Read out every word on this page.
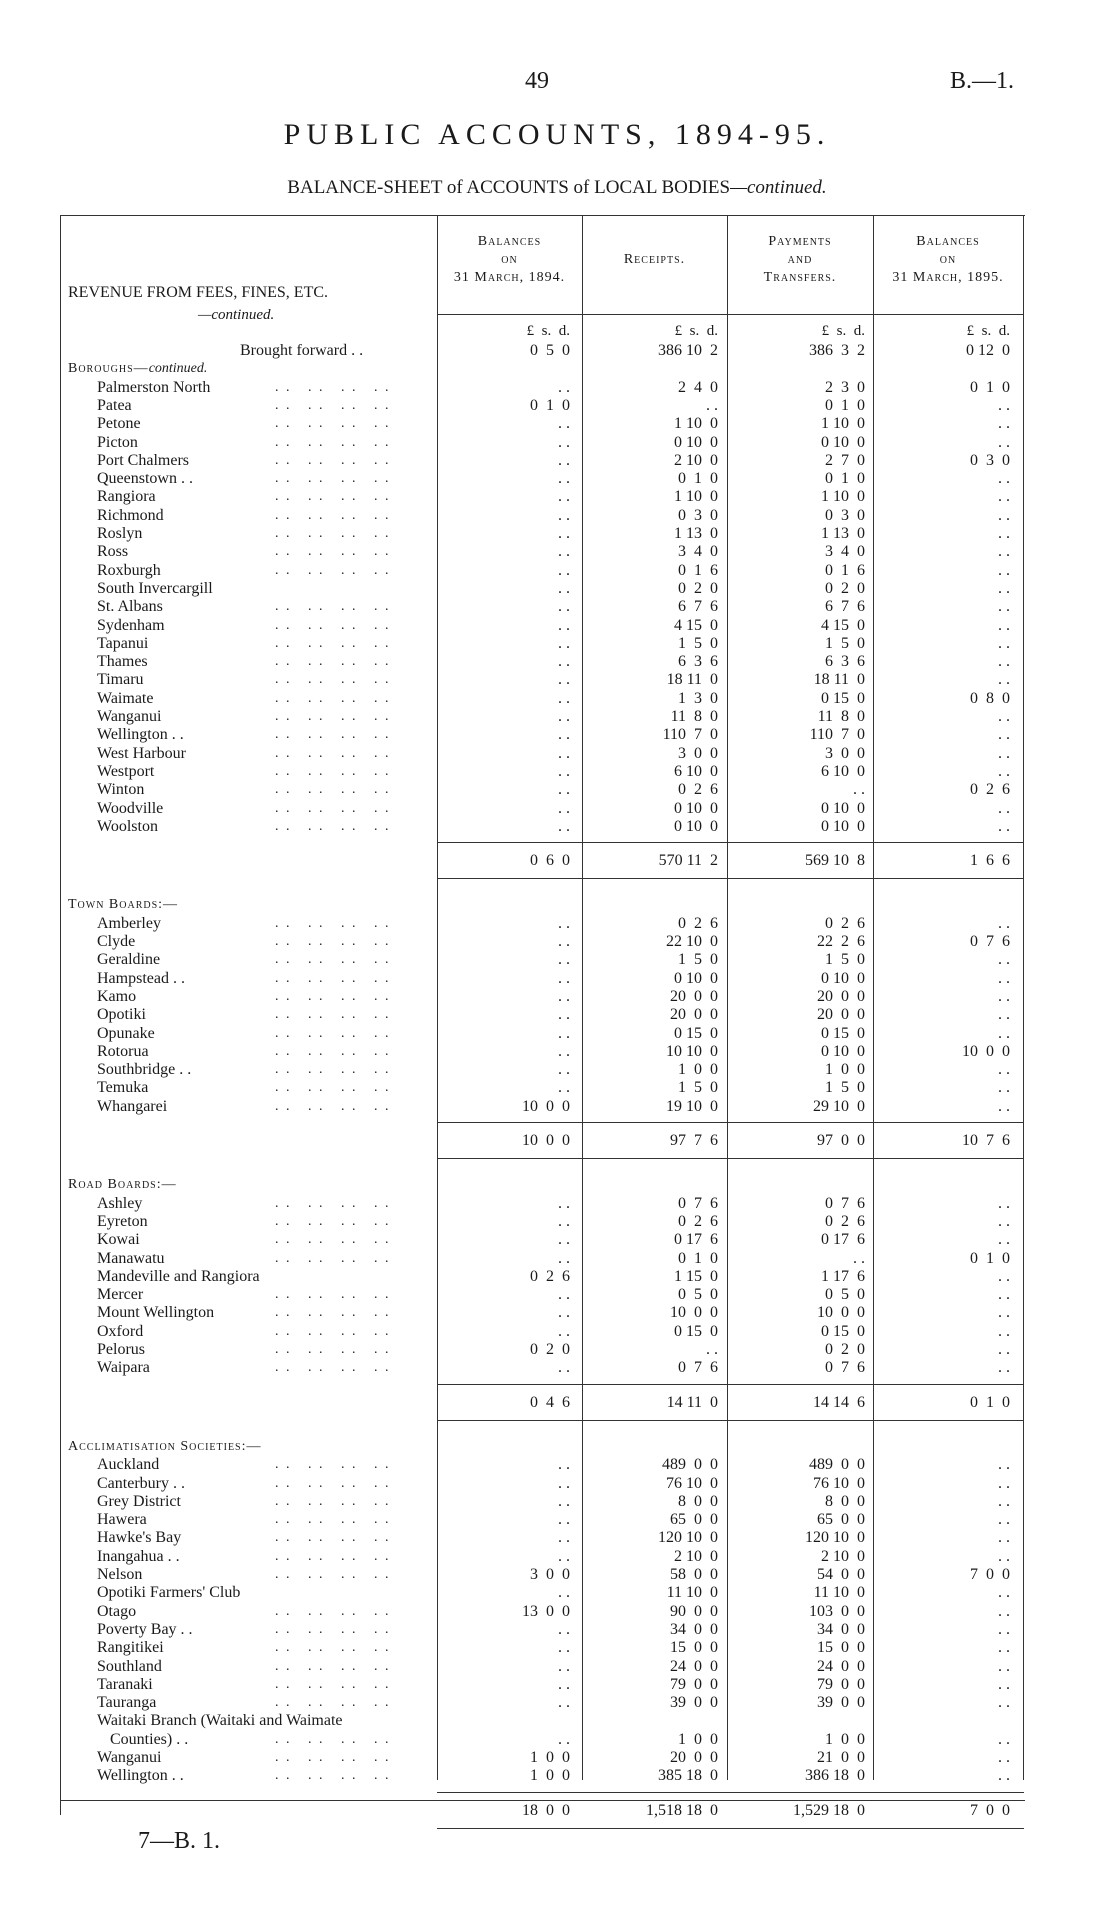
49	B.—1.
PUBLIC ACCOUNTS, 1894-95.
BALANCE-SHEET of ACCOUNTS of LOCAL BODIES—continued.
Balances
on
31 March, 1894.
Receipts.
Payments
and
Transfers.
Balances
on
31 March, 1895.
REVENUE FROM FEES, FINES, ETC.
—continued.
£  s.  d.	£  s.  d.	£  s.  d.	£  s.  d.
Brought forward . .	0  5  0	386 10  2	386  3  2	0 12  0
Boroughs—continued.
Palmerston North	. .   . .   . .   . .	. .	2  4  0	2  3  0	0  1  0
Patea	. .   . .   . .   . .	0  1  0	. .	0  1  0	. .
Petone	. .   . .   . .   . .	. .	1 10  0	1 10  0	. .
Picton	. .   . .   . .   . .	. .	0 10  0	0 10  0	. .
Port Chalmers	. .   . .   . .   . .	. .	2 10  0	2  7  0	0  3  0
Queenstown . .	. .   . .   . .   . .	. .	0  1  0	0  1  0	. .
Rangiora	. .   . .   . .   . .	. .	1 10  0	1 10  0	. .
Richmond	. .   . .   . .   . .	. .	0  3  0	0  3  0	. .
Roslyn	. .   . .   . .   . .	. .	1 13  0	1 13  0	. .
Ross	. .   . .   . .   . .	. .	3  4  0	3  4  0	. .
Roxburgh	. .   . .   . .   . .	. .	0  1  6	0  1  6	. .
South Invercargill	. .	0  2  0	0  2  0	. .
St. Albans	. .   . .   . .   . .	. .	6  7  6	6  7  6	. .
Sydenham	. .   . .   . .   . .	. .	4 15  0	4 15  0	. .
Tapanui	. .   . .   . .   . .	. .	1  5  0	1  5  0	. .
Thames	. .   . .   . .   . .	. .	6  3  6	6  3  6	. .
Timaru	. .   . .   . .   . .	. .	18 11  0	18 11  0	. .
Waimate	. .   . .   . .   . .	. .	1  3  0	0 15  0	0  8  0
Wanganui	. .   . .   . .   . .	. .	11  8  0	11  8  0	. .
Wellington . .	. .   . .   . .   . .	. .	110  7  0	110  7  0	. .
West Harbour	. .   . .   . .   . .	. .	3  0  0	3  0  0	. .
Westport	. .   . .   . .   . .	. .	6 10  0	6 10  0	. .
Winton	. .   . .   . .   . .	. .	0  2  6	. .	0  2  6
Woodville	. .   . .   . .   . .	. .	0 10  0	0 10  0	. .
Woolston	. .   . .   . .   . .	. .	0 10  0	0 10  0	. .
0  6  0	570 11  2	569 10  8	1  6  6
Town Boards:—
Amberley	. .   . .   . .   . .	. .	0  2  6	0  2  6	. .
Clyde	. .   . .   . .   . .	. .	22 10  0	22  2  6	0  7  6
Geraldine	. .   . .   . .   . .	. .	1  5  0	1  5  0	. .
Hampstead . .	. .   . .   . .   . .	. .	0 10  0	0 10  0	. .
Kamo	. .   . .   . .   . .	. .	20  0  0	20  0  0	. .
Opotiki	. .   . .   . .   . .	. .	20  0  0	20  0  0	. .
Opunake	. .   . .   . .   . .	. .	0 15  0	0 15  0	. .
Rotorua	. .   . .   . .   . .	. .	10 10  0	0 10  0	10  0  0
Southbridge . .	. .   . .   . .   . .	. .	1  0  0	1  0  0	. .
Temuka	. .   . .   . .   . .	. .	1  5  0	1  5  0	. .
Whangarei	. .   . .   . .   . .	10  0  0	19 10  0	29 10  0	. .
10  0  0	97  7  6	97  0  0	10  7  6
Road Boards:—
Ashley	. .   . .   . .   . .	. .	0  7  6	0  7  6	. .
Eyreton	. .   . .   . .   . .	. .	0  2  6	0  2  6	. .
Kowai	. .   . .   . .   . .	. .	0 17  6	0 17  6	. .
Manawatu	. .   . .   . .   . .	. .	0  1  0	. .	0  1  0
Mandeville and Rangiora	0  2  6	1 15  0	1 17  6	. .
Mercer	. .   . .   . .   . .	. .	0  5  0	0  5  0	. .
Mount Wellington	. .   . .   . .   . .	. .	10  0  0	10  0  0	. .
Oxford	. .   . .   . .   . .	. .	0 15  0	0 15  0	. .
Pelorus	. .   . .   . .   . .	0  2  0	. .	0  2  0	. .
Waipara	. .   . .   . .   . .	. .	0  7  6	0  7  6	. .
0  4  6	14 11  0	14 14  6	0  1  0
Acclimatisation Societies:—
Auckland	. .   . .   . .   . .	. .	489  0  0	489  0  0	. .
Canterbury . .	. .   . .   . .   . .	. .	76 10  0	76 10  0	. .
Grey District	. .   . .   . .   . .	. .	8  0  0	8  0  0	. .
Hawera	. .   . .   . .   . .	. .	65  0  0	65  0  0	. .
Hawke's Bay	. .   . .   . .   . .	. .	120 10  0	120 10  0	. .
Inangahua . .	. .   . .   . .   . .	. .	2 10  0	2 10  0	. .
Nelson	. .   . .   . .   . .	3  0  0	58  0  0	54  0  0	7  0  0
Opotiki Farmers' Club	. .	11 10  0	11 10  0	. .
Otago	. .   . .   . .   . .	13  0  0	90  0  0	103  0  0	. .
Poverty Bay . .	. .   . .   . .   . .	. .	34  0  0	34  0  0	. .
Rangitikei	. .   . .   . .   . .	. .	15  0  0	15  0  0	. .
Southland	. .   . .   . .   . .	. .	24  0  0	24  0  0	. .
Taranaki	. .   . .   . .   . .	. .	79  0  0	79  0  0	. .
Tauranga	. .   . .   . .   . .	. .	39  0  0	39  0  0	. .
Waitaki Branch (Waitaki and Waimate
Counties) . .	. .   . .   . .   . .	. .	1  0  0	1  0  0	. .
Wanganui	. .   . .   . .   . .	1  0  0	20  0  0	21  0  0	. .
Wellington . .	. .   . .   . .   . .	1  0  0	385 18  0	386 18  0	. .
18  0  0	1,518 18  0	1,529 18  0	7  0  0
7—B. 1.
